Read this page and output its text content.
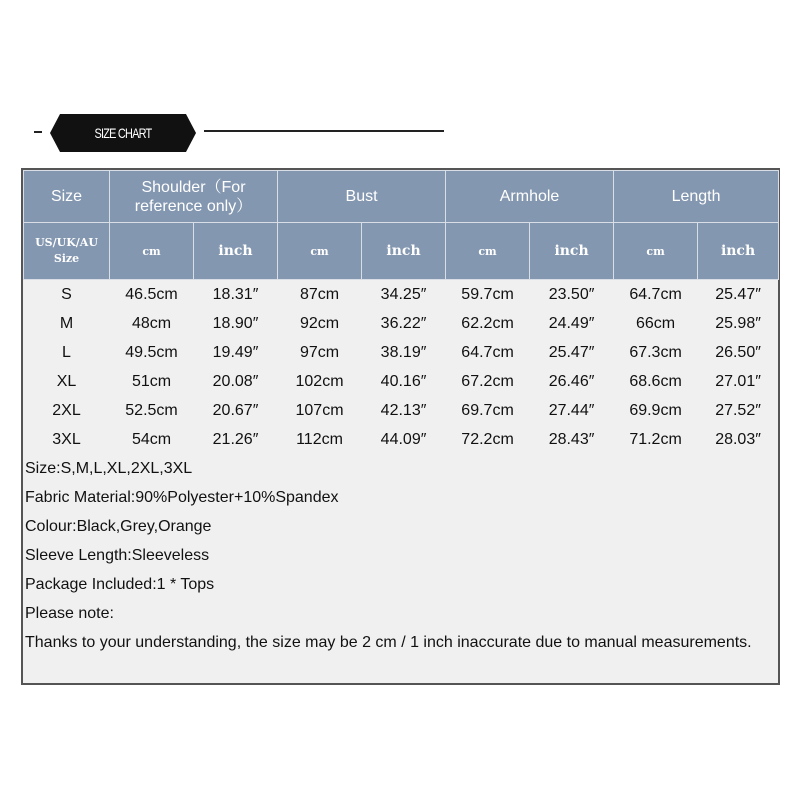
SIZE CHART
Size	Shoulder（For reference only）		Bust		Armhole		Length	
US/UK/AU Size	cm	inch	cm	inch	cm	inch	cm	inch

S	46.5cm	18.31″	87cm	34.25″	59.7cm	23.50″	64.7cm	25.47″

M	48cm	18.90″	92cm	36.22″	62.2cm	24.49″	66cm	25.98″

L	49.5cm	19.49″	97cm	38.19″	64.7cm	25.47″	67.3cm	26.50″

XL	51cm	20.08″	102cm	40.16″	67.2cm	26.46″	68.6cm	27.01″

2XL	52.5cm	20.67″	107cm	42.13″	69.7cm	27.44″	69.9cm	27.52″

3XL	54cm	21.26″	112cm	44.09″	72.2cm	28.43″	71.2cm	28.03″
Size:S,M,L,XL,2XL,3XL
Fabric Material:90%Polyester+10%Spandex
Colour:Black,Grey,Orange
Sleeve Length:Sleeveless
Package Included:1 * Tops
Please note:
Thanks to your understanding, the size may be 2 cm / 1 inch inaccurate due to manual measurements.
